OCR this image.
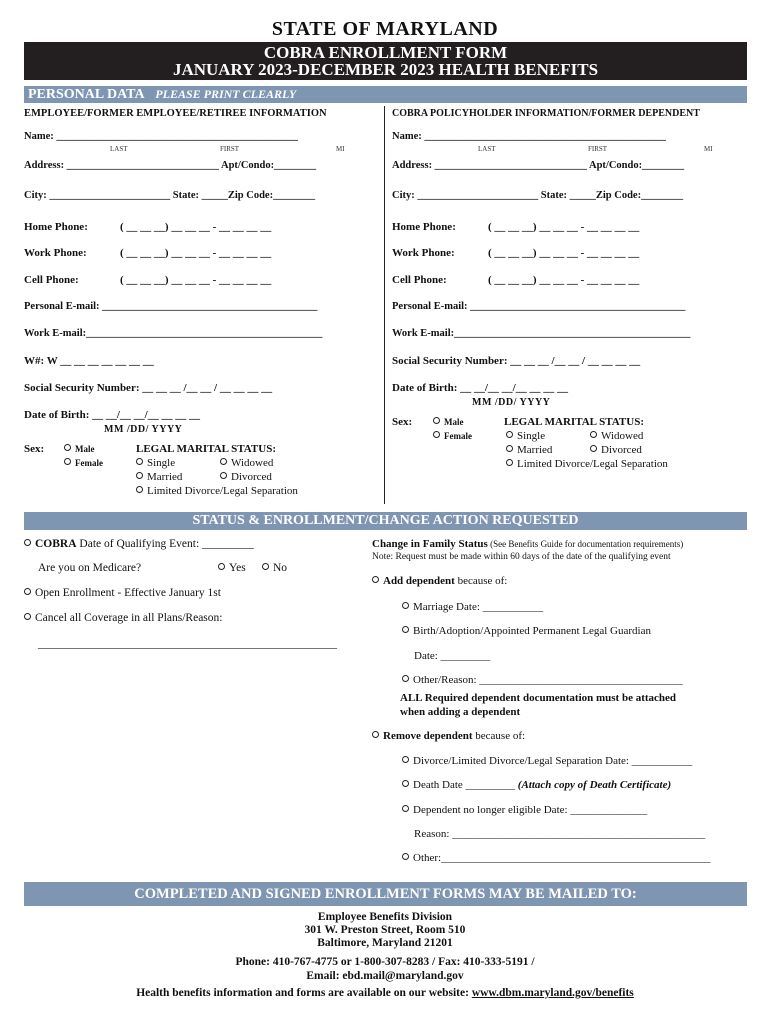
STATE OF MARYLAND
COBRA ENROLLMENT FORM
JANUARY 2023-DECEMBER 2023 HEALTH BENEFITS
PERSONAL DATA PLEASE PRINT CLEARLY
EMPLOYEE/FORMER EMPLOYEE/RETIREE INFORMATION	COBRA POLICYHOLDER INFORMATION/FORMER DEPENDENT
Name: ______________________________________________
LAST	FIRST	MI
Address: _____________________________ Apt/Condo:________
City: _______________________ State: _____Zip Code:________
Home Phone:	( __ __ __) __ __ __ - __ __ __ __
Work Phone:	( __ __ __) __ __ __ - __ __ __ __
Cell Phone:	( __ __ __) __ __ __ - __ __ __ __
Personal E-mail: _________________________________________
Work E-mail:_____________________________________________
W#: W __ __ __ __ __ __ __
Social Security Number: __ __ __ /__ __ / __ __ __ __
Date of Birth: __ __/__ __/__ __ __ __
MM /DD/ YYYY
Sex:	Male
Female
LEGAL MARITAL STATUS:
Single	Widowed
Married	Divorced
Limited Divorce/Legal Separation
Name: ______________________________________________
LAST	FIRST	MI
Address: _____________________________ Apt/Condo:________
City: _______________________ State: _____Zip Code:________
Home Phone:	( __ __ __) __ __ __ - __ __ __ __
Work Phone:	( __ __ __) __ __ __ - __ __ __ __
Cell Phone:	( __ __ __) __ __ __ - __ __ __ __
Personal E-mail: _________________________________________
Work E-mail:_____________________________________________
Social Security Number: __ __ __ /__ __ / __ __ __ __
Date of Birth: __ __/__ __/__ __ __ __
MM /DD/ YYYY
Sex:	Male
Female
LEGAL MARITAL STATUS:
Single	Widowed
Married	Divorced
Limited Divorce/Legal Separation
STATUS & ENROLLMENT/CHANGE ACTION REQUESTED
COBRA Date of Qualifying Event: _________
Are you on Medicare?	Yes	No
Open Enrollment - Effective January 1st
Cancel all Coverage in all Plans/Reason:
____________________________________________________
Change in Family Status (See Benefits Guide for documentation requirements)
Note: Request must be made within 60 days of the date of the qualifying event
Add dependent because of:
Marriage Date: ___________
Birth/Adoption/Appointed Permanent Legal Guardian
Date: _________
Other/Reason: _____________________________________
ALL Required dependent documentation must be attached
when adding a dependent
Remove dependent because of:
Divorce/Limited Divorce/Legal Separation Date: ___________
Death Date _________ (Attach copy of Death Certificate)
Dependent no longer eligible Date: ______________
Reason: ______________________________________________
Other:_________________________________________________
COMPLETED AND SIGNED ENROLLMENT FORMS MAY BE MAILED TO:
Employee Benefits Division
301 W. Preston Street, Room 510
Baltimore, Maryland 21201
Phone: 410-767-4775 or 1-800-307-8283 / Fax: 410-333-5191 /
Email: ebd.mail@maryland.gov
Health benefits information and forms are available on our website: www.dbm.maryland.gov/benefits
